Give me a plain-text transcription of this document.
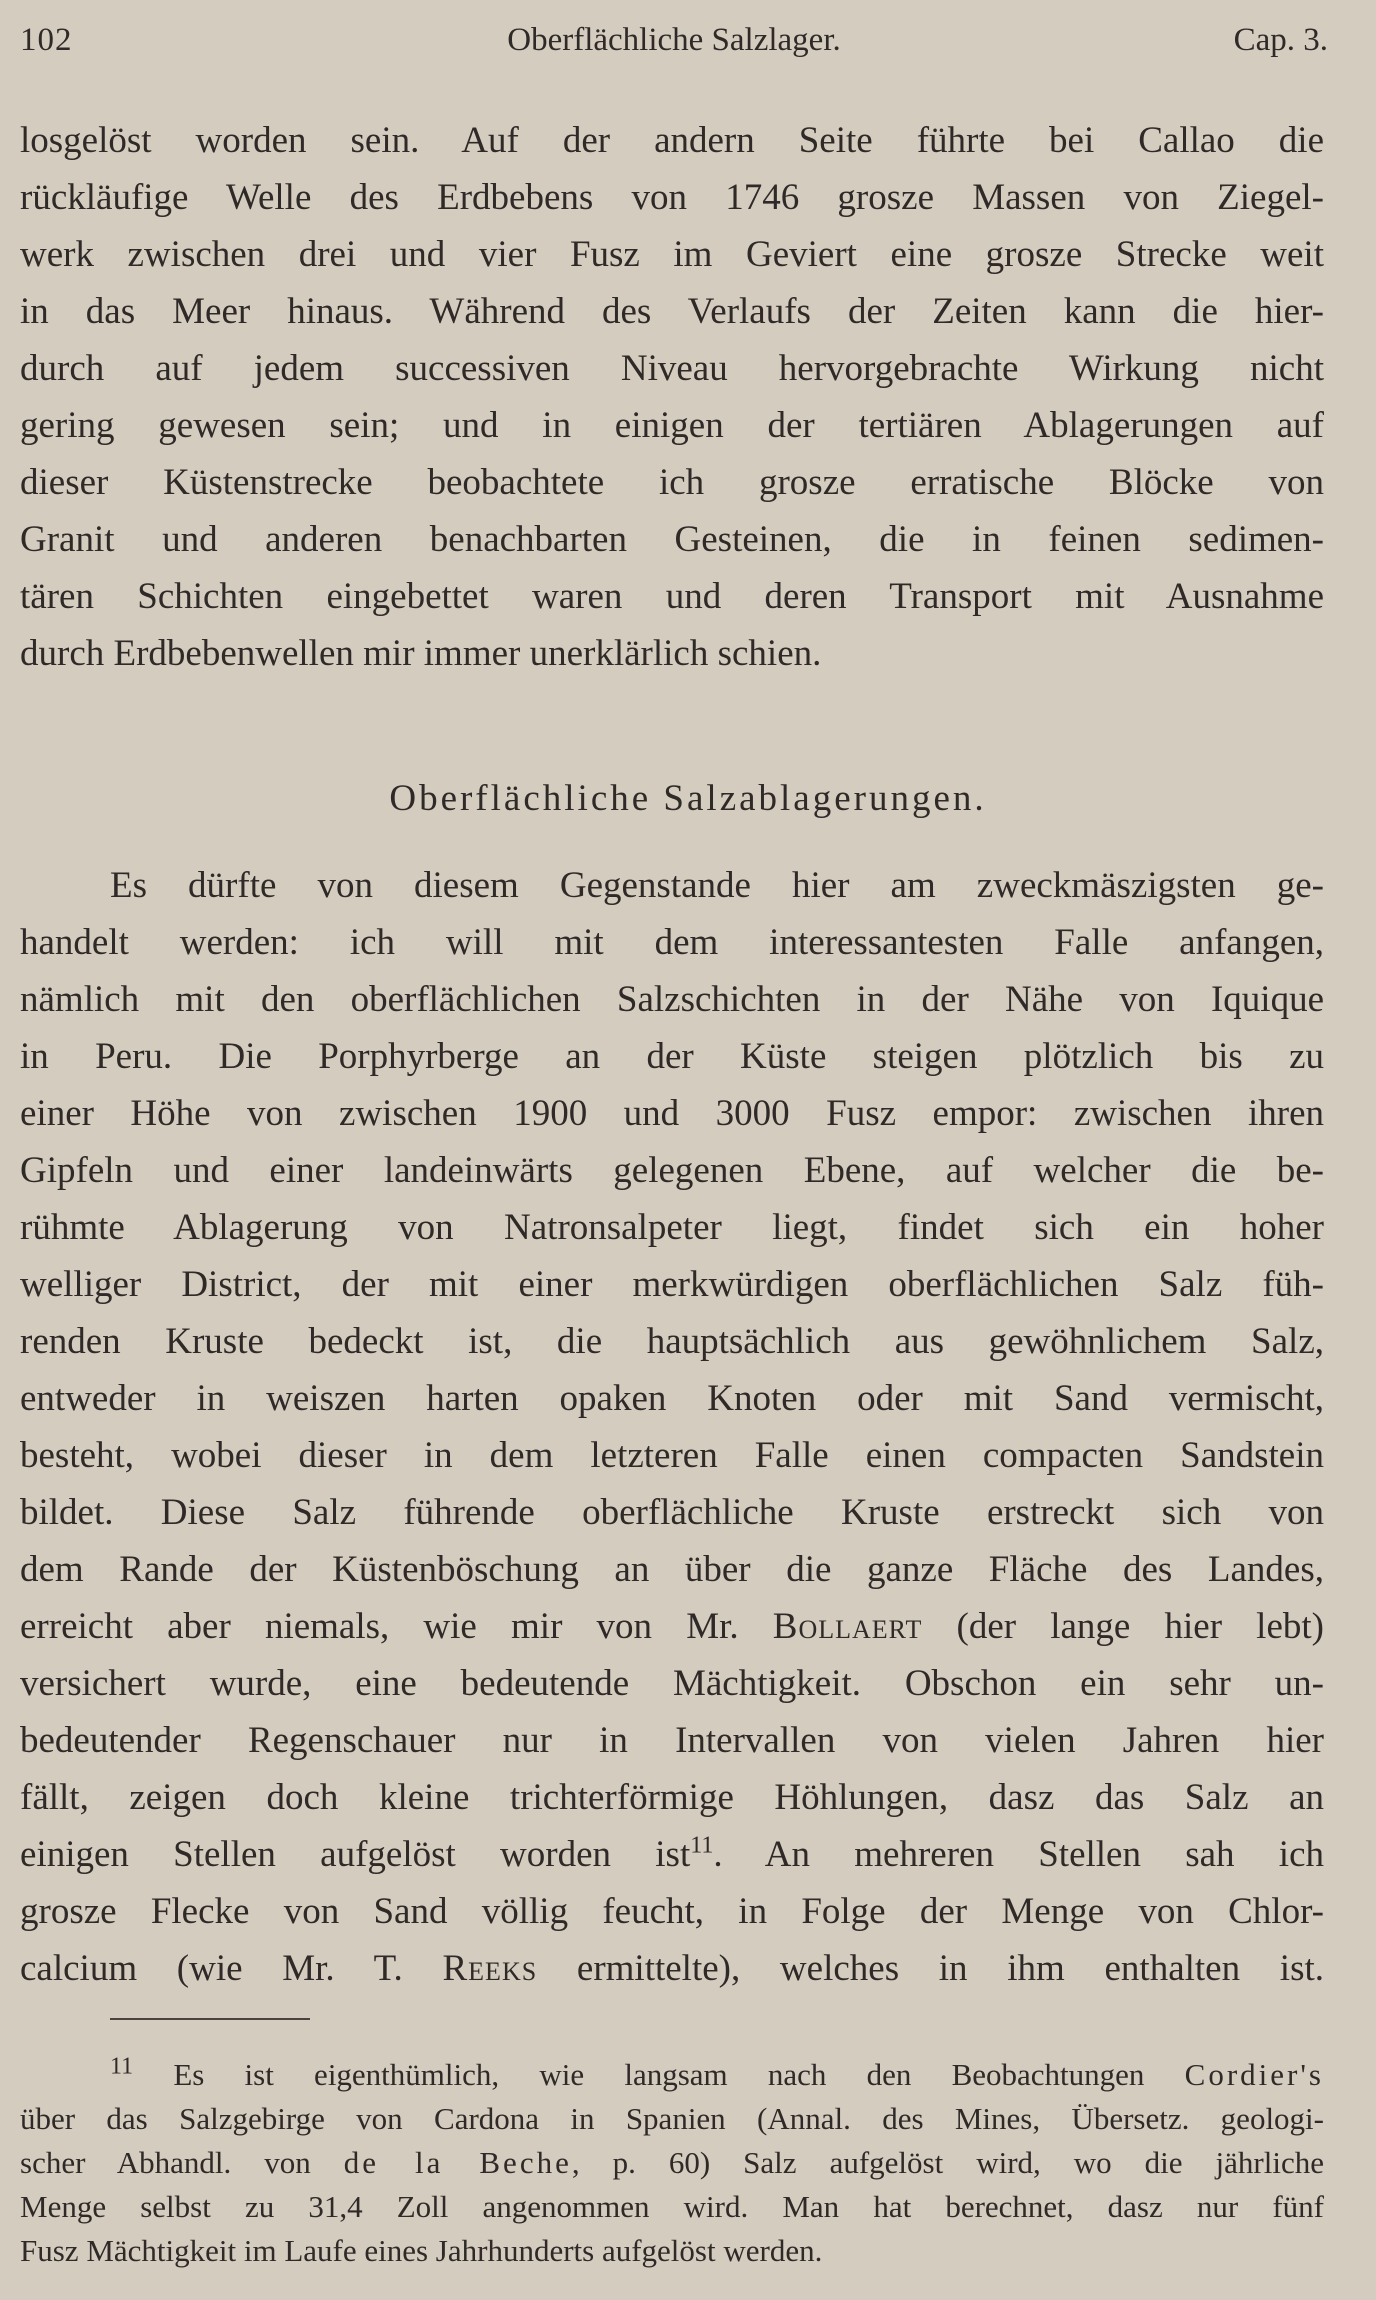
102	Oberflächliche Salzlager.	Cap. 3.
losgelöst worden sein. Auf der andern Seite führte bei Callao die
rückläufige Welle des Erdbebens von 1746 grosze Massen von Ziegel-
werk zwischen drei und vier Fusz im Geviert eine grosze Strecke weit
in das Meer hinaus. Während des Verlaufs der Zeiten kann die hier-
durch auf jedem successiven Niveau hervorgebrachte Wirkung nicht
gering gewesen sein; und in einigen der tertiären Ablagerungen auf
dieser Küstenstrecke beobachtete ich grosze erratische Blöcke von
Granit und anderen benachbarten Gesteinen, die in feinen sedimen-
tären Schichten eingebettet waren und deren Transport mit Ausnahme
durch Erdbebenwellen mir immer unerklärlich schien.
Oberflächliche Salzablagerungen.
Es dürfte von diesem Gegenstande hier am zweckmäszigsten ge-
handelt werden: ich will mit dem interessantesten Falle anfangen,
nämlich mit den oberflächlichen Salzschichten in der Nähe von Iquique
in Peru. Die Porphyrberge an der Küste steigen plötzlich bis zu
einer Höhe von zwischen 1900 und 3000 Fusz empor: zwischen ihren
Gipfeln und einer landeinwärts gelegenen Ebene, auf welcher die be-
rühmte Ablagerung von Natronsalpeter liegt, findet sich ein hoher
welliger District, der mit einer merkwürdigen oberflächlichen Salz füh-
renden Kruste bedeckt ist, die hauptsächlich aus gewöhnlichem Salz,
entweder in weiszen harten opaken Knoten oder mit Sand vermischt,
besteht, wobei dieser in dem letzteren Falle einen compacten Sandstein
bildet. Diese Salz führende oberflächliche Kruste erstreckt sich von
dem Rande der Küstenböschung an über die ganze Fläche des Landes,
erreicht aber niemals, wie mir von Mr. Bollaert (der lange hier lebt)
versichert wurde, eine bedeutende Mächtigkeit. Obschon ein sehr un-
bedeutender Regenschauer nur in Intervallen von vielen Jahren hier
fällt, zeigen doch kleine trichterförmige Höhlungen, dasz das Salz an
einigen Stellen aufgelöst worden ist$^{11}$. An mehreren Stellen sah ich
grosze Flecke von Sand völlig feucht, in Folge der Menge von Chlor-
calcium (wie Mr. T. Reeks ermittelte), welches in ihm enthalten ist.
$^{11}$ Es ist eigenthümlich, wie langsam nach den Beobachtungen Cordier's
über das Salzgebirge von Cardona in Spanien (Annal. des Mines, Übersetz. geologi-
scher Abhandl. von de la Beche, p. 60) Salz aufgelöst wird, wo die jährliche
Menge selbst zu 31,4 Zoll angenommen wird. Man hat berechnet, dasz nur fünf
Fusz Mächtigkeit im Laufe eines Jahrhunderts aufgelöst werden.
